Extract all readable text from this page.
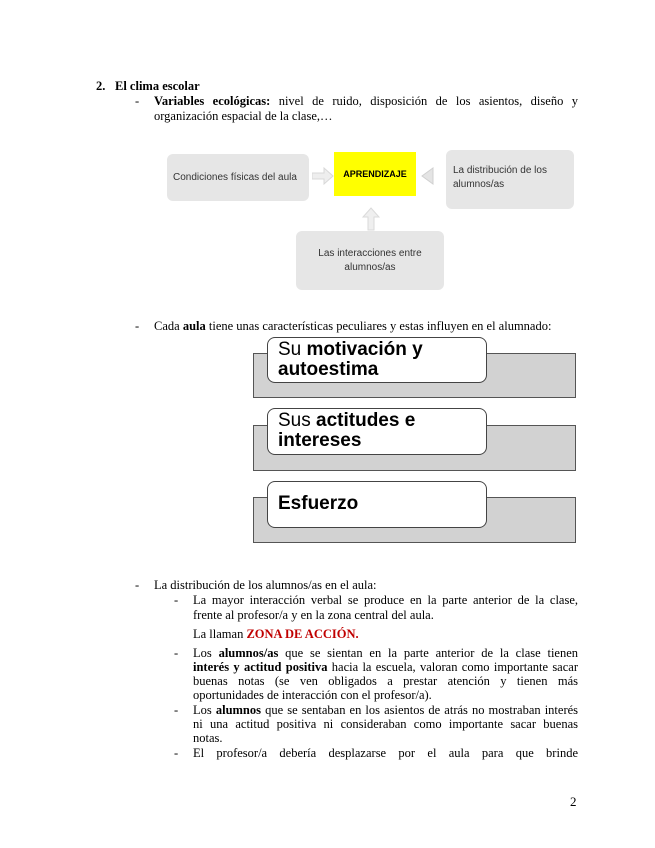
2. El clima escolar
- Variables ecológicas: nivel de ruido, disposición de los asientos, diseño y
organización espacial de la clase,…
Condiciones físicas del aula	APRENDIZAJE	La distribución de los
alumnos/as
Las interacciones entre
alumnos/as
- Cada aula tiene unas características peculiares y estas influyen en el alumnado:
Su motivación y
autoestima
Sus actitudes e
intereses
Esfuerzo
- La distribución de los alumnos/as en el aula:
- La mayor interacción verbal se produce en la parte anterior de la clase,
frente al profesor/a y en la zona central del aula.
La llaman ZONA DE ACCIÓN.
- Los alumnos/as que se sientan en la parte anterior de la clase tienen
interés y actitud positiva hacia la escuela, valoran como importante sacar
buenas notas (se ven obligados a prestar atención y tienen más
oportunidades de interacción con el profesor/a).
- Los alumnos que se sentaban en los asientos de atrás no mostraban interés
ni una actitud positiva ni consideraban como importante sacar buenas
notas.
- El profesor/a debería desplazarse por el aula para que brinde
2
